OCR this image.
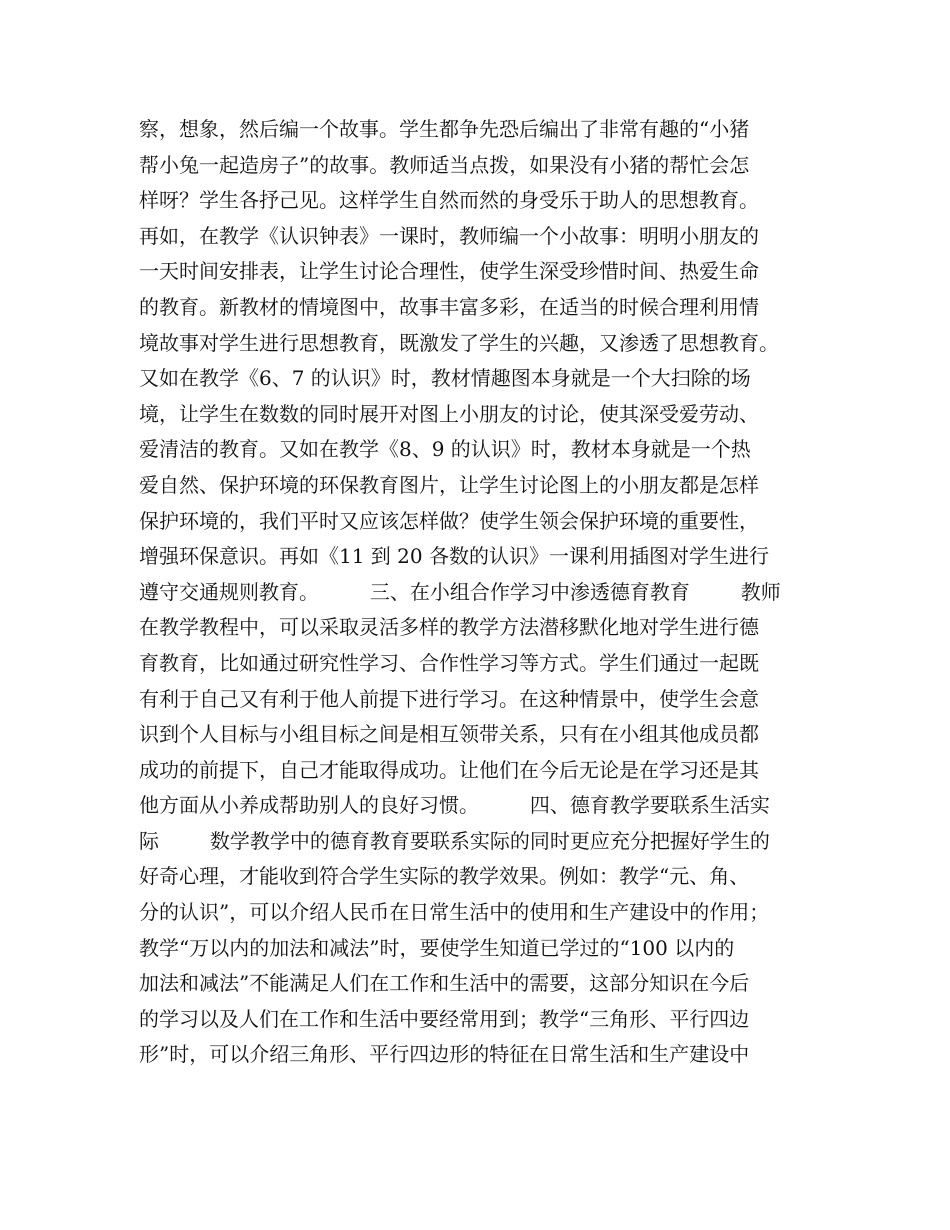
察，想象，然后编一个故事。学生都争先恐后编出了非常有趣的“小猪
帮小兔一起造房子”的故事。教师适当点拨，如果没有小猪的帮忙会怎
样呀？学生各抒己见。这样学生自然而然的身受乐于助人的思想教育。
再如，在教学《认识钟表》一课时，教师编一个小故事：明明小朋友的
一天时间安排表，让学生讨论合理性，使学生深受珍惜时间、热爱生命
的教育。新教材的情境图中，故事丰富多彩，在适当的时候合理利用情
境故事对学生进行思想教育，既激发了学生的兴趣，又渗透了思想教育。
又如在教学《6、7 的认识》时，教材情趣图本身就是一个大扫除的场
境，让学生在数数的同时展开对图上小朋友的讨论，使其深受爱劳动、
爱清洁的教育。又如在教学《8、9 的认识》时，教材本身就是一个热
爱自然、保护环境的环保教育图片，让学生讨论图上的小朋友都是怎样
保护环境的，我们平时又应该怎样做？使学生领会保护环境的重要性，
增强环保意识。再如《11 到 20 各数的认识》一课利用插图对学生进行
遵守交通规则教育。        三、在小组合作学习中渗透德育教育        教师
在教学教程中，可以采取灵活多样的教学方法潜移默化地对学生进行德
育教育，比如通过研究性学习、合作性学习等方式。学生们通过一起既
有利于自己又有利于他人前提下进行学习。在这种情景中，使学生会意
识到个人目标与小组目标之间是相互领带关系，只有在小组其他成员都
成功的前提下，自己才能取得成功。让他们在今后无论是在学习还是其
他方面从小养成帮助别人的良好习惯。        四、德育教学要联系生活实
际        数学教学中的德育教育要联系实际的同时更应充分把握好学生的
好奇心理，才能收到符合学生实际的教学效果。例如：教学“元、角、
分的认识”，可以介绍人民币在日常生活中的使用和生产建设中的作用；
教学“万以内的加法和减法”时，要使学生知道已学过的“100 以内的
加法和减法”不能满足人们在工作和生活中的需要，这部分知识在今后
的学习以及人们在工作和生活中要经常用到；教学“三角形、平行四边
形”时，可以介绍三角形、平行四边形的特征在日常生活和生产建设中
